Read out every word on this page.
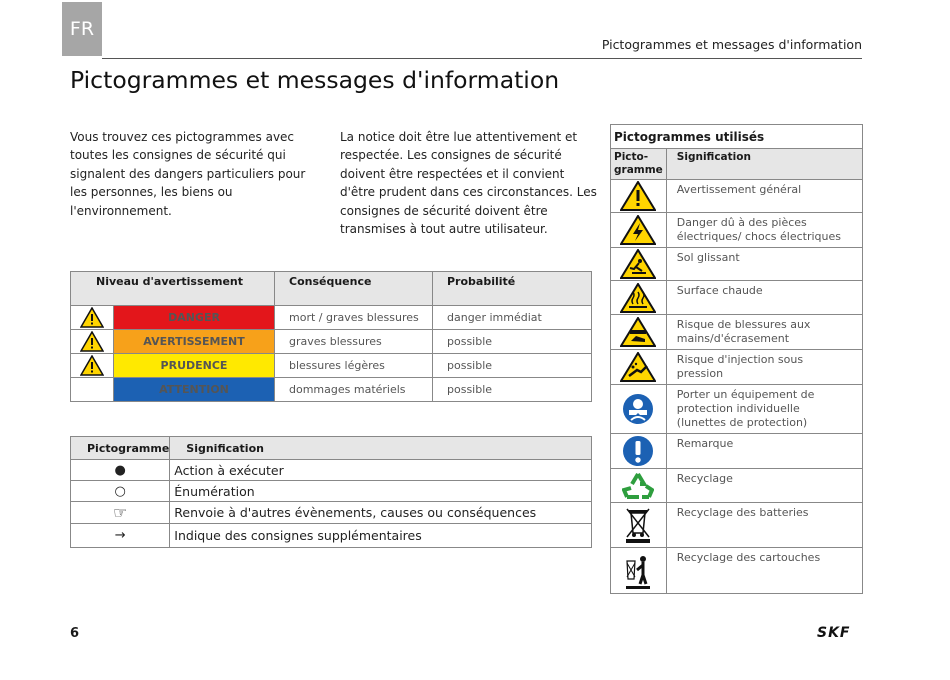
FR
Pictogrammes et messages d'information
Pictogrammes et messages d'information

Vous trouvez ces pictogrammes avec toutes les consignes de sécurité qui signalent des dangers particuliers pour les personnes, les biens ou l'environnement.

La notice doit être lue attentivement et respectée. Les consignes de sécurité doivent être respectées et il convient d'être prudent dans ces circonstances. Les consignes de sécurité doivent être transmises à tout autre utilisateur.

Niveau d'avertissement		Conséquence	Probabilité

	DANGER	mort / graves blessures	danger immédiat

	AVERTISSEMENT	graves blessures	possible

	PRUDENCE	blessures légères	possible
	ATTENTION	dommages matériels	possible
Pictogramme	Signification
●	Action à exécuter
○	Énumération
☞	Renvoie à d'autres évènements, causes ou conséquences
→	Indique des consignes supplémentaires
Pictogrammes utilisés	
Picto-
gramme	Signification

	Avertissement général

	Danger dû à des pièces électriques/ chocs électriques

	Sol glissant

	Surface chaude

	Risque de blessures aux mains/d'écrasement

	Risque d'injection sous pression

	Porter un équipement de protection individuelle (lunettes de protection)

	Remarque

	Recyclage

	Recyclage des batteries

	Recyclage des cartouches
6	SKF
